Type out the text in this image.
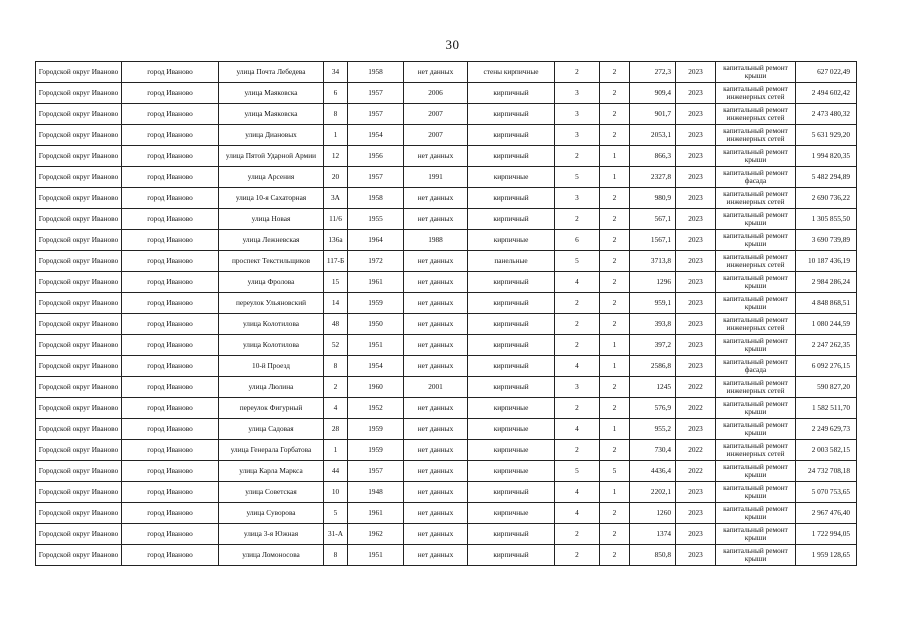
30
Городской округ Иваново	город Иваново	улица Почта Лебедева	34	1958	нет данных	стены кирпичные	2	2	272,3	2023	капитальный ремонт крыши	627 022,49
Городской округ Иваново	город Иваново	улица Маяковска	6	1957	2006	кирпичный	3	2	909,4	2023	капитальный ремонт инженерных сетей	2 494 602,42
Городской округ Иваново	город Иваново	улица Маяковска	8	1957	2007	кирпичный	3	2	901,7	2023	капитальный ремонт инженерных сетей	2 473 480,32
Городской округ Иваново	город Иваново	улица Диановых	1	1954	2007	кирпичный	3	2	2053,1	2023	капитальный ремонт инженерных сетей	5 631 929,20
Городской округ Иваново	город Иваново	улица Пятой Ударной Армии	12	1956	нет данных	кирпичный	2	1	866,3	2023	капитальный ремонт крыши	1 994 820,35
Городской округ Иваново	город Иваново	улица Арсения	20	1957	1991	кирпичные	5	1	2327,8	2023	капитальный ремонт фасада	5 482 294,89
Городской округ Иваново	город Иваново	улица 10-я Сахаторная	3А	1958	нет данных	кирпичный	3	2	980,9	2023	капитальный ремонт инженерных сетей	2 690 736,22
Городской округ Иваново	город Иваново	улица Новая	11/6	1955	нет данных	кирпичный	2	2	567,1	2023	капитальный ремонт крыши	1 305 855,50
Городской округ Иваново	город Иваново	улица Лежневская	136а	1964	1988	кирпичные	6	2	1567,1	2023	капитальный ремонт крыши	3 690 739,89
Городской округ Иваново	город Иваново	проспект Текстильщиков	117-Б	1972	нет данных	панельные	5	2	3713,8	2023	капитальный ремонт инженерных сетей	10 187 436,19
Городской округ Иваново	город Иваново	улица Фролова	15	1961	нет данных	кирпичный	4	2	1296	2023	капитальный ремонт крыши	2 984 286,24
Городской округ Иваново	город Иваново	переулок Ульяновский	14	1959	нет данных	кирпичный	2	2	959,1	2023	капитальный ремонт крыши	4 848 868,51
Городской округ Иваново	город Иваново	улица Колотилова	48	1950	нет данных	кирпичный	2	2	393,8	2023	капитальный ремонт инженерных сетей	1 080 244,59
Городской округ Иваново	город Иваново	улица Колотилова	52	1951	нет данных	кирпичный	2	1	397,2	2023	капитальный ремонт крыши	2 247 262,35
Городской округ Иваново	город Иваново	10-й Проезд	8	1954	нет данных	кирпичный	4	1	2586,8	2023	капитальный ремонт фасада	6 092 276,15
Городской округ Иваново	город Иваново	улица Люлина	2	1960	2001	кирпичный	3	2	1245	2022	капитальный ремонт инженерных сетей	590 827,20
Городской округ Иваново	город Иваново	переулок Фигурный	4	1952	нет данных	кирпичные	2	2	576,9	2022	капитальный ремонт крыши	1 582 511,70
Городской округ Иваново	город Иваново	улица Садовая	28	1959	нет данных	кирпичные	4	1	955,2	2023	капитальный ремонт крыши	2 249 629,73
Городской округ Иваново	город Иваново	улица Генерала Горбатова	1	1959	нет данных	кирпичные	2	2	730,4	2022	капитальный ремонт инженерных сетей	2 003 582,15
Городской округ Иваново	город Иваново	улица Карла Маркса	44	1957	нет данных	кирпичные	5	5	4436,4	2022	капитальный ремонт крыши	24 732 708,18
Городской округ Иваново	город Иваново	улица Советская	10	1948	нет данных	кирпичный	4	1	2202,1	2023	капитальный ремонт крыши	5 070 753,65
Городской округ Иваново	город Иваново	улица Суворова	5	1961	нет данных	кирпичные	4	2	1260	2023	капитальный ремонт крыши	2 967 476,40
Городской округ Иваново	город Иваново	улица 3-я Южная	31-А	1962	нет данных	кирпичный	2	2	1374	2023	капитальный ремонт крыши	1 722 994,05
Городской округ Иваново	город Иваново	улица Ломоносова	8	1951	нет данных	кирпичный	2	2	850,8	2023	капитальный ремонт крыши	1 959 128,65
